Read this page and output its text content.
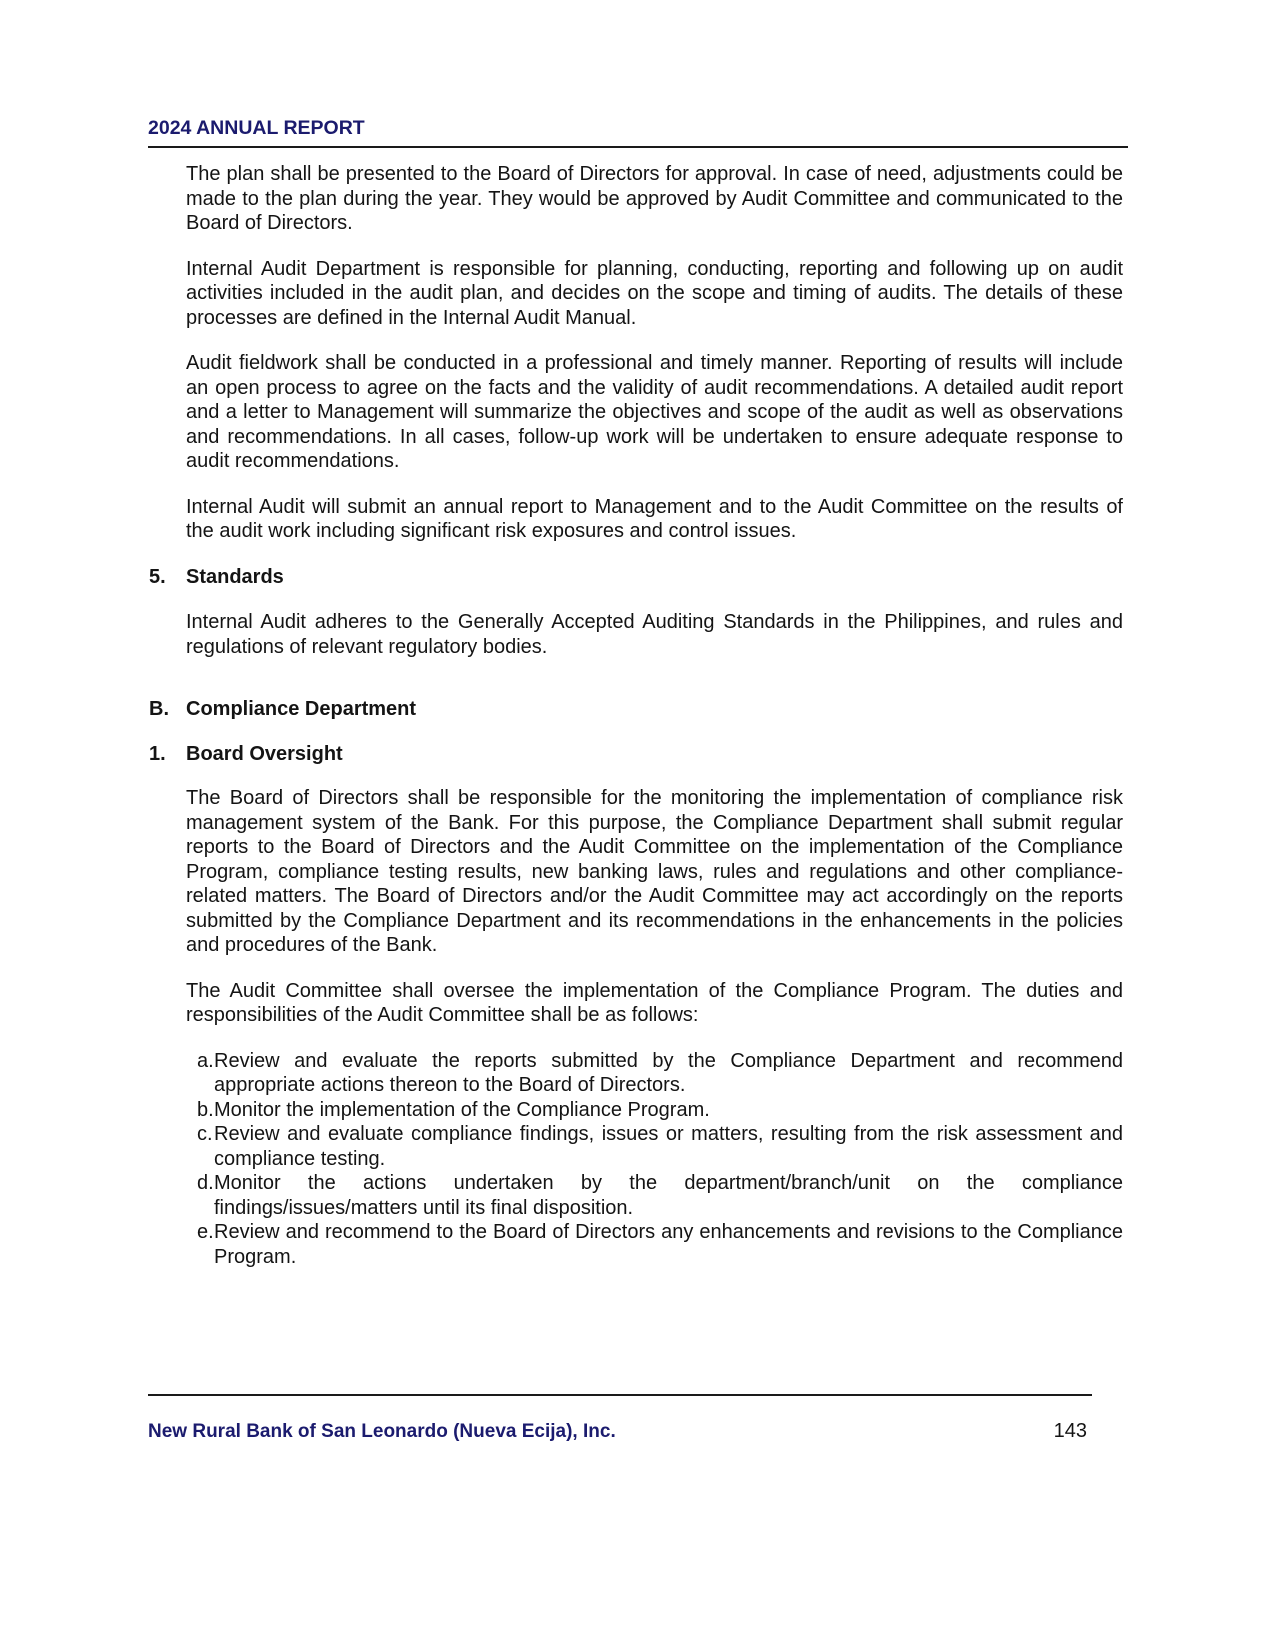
2024 ANNUAL REPORT

The plan shall be presented to the Board of Directors for approval. In case of need, adjustments could be made to the plan during the year. They would be approved by Audit Committee and communicated to the Board of Directors.

Internal Audit Department is responsible for planning, conducting, reporting and following up on audit activities included in the audit plan, and decides on the scope and timing of audits. The details of these processes are defined in the Internal Audit Manual.

Audit fieldwork shall be conducted in a professional and timely manner. Reporting of results will include an open process to agree on the facts and the validity of audit recommendations. A detailed audit report and a letter to Management will summarize the objectives and scope of the audit as well as observations and recommendations. In all cases, follow-up work will be undertaken to ensure adequate response to audit recommendations.

Internal Audit will submit an annual report to Management and to the Audit Committee on the results of the audit work including significant risk exposures and control issues.

5. Standards

Internal Audit adheres to the Generally Accepted Auditing Standards in the Philippines, and rules and regulations of relevant regulatory bodies.

B. Compliance Department
1. Board Oversight

The Board of Directors shall be responsible for the monitoring the implementation of compliance risk management system of the Bank. For this purpose, the Compliance Department shall submit regular reports to the Board of Directors and the Audit Committee on the implementation of the Compliance Program, compliance testing results, new banking laws, rules and regulations and other compliance-related matters. The Board of Directors and/or the Audit Committee may act accordingly on the reports submitted by the Compliance Department and its recommendations in the enhancements in the policies and procedures of the Bank.

The Audit Committee shall oversee the implementation of the Compliance Program. The duties and responsibilities of the Audit Committee shall be as follows:

a. Review and evaluate the reports submitted by the Compliance Department and recommend appropriate actions thereon to the Board of Directors.
b. Monitor the implementation of the Compliance Program.
c. Review and evaluate compliance findings, issues or matters, resulting from the risk assessment and compliance testing.
d. Monitor the actions undertaken by the department/branch/unit on the compliance findings/issues/matters until its final disposition.
e. Review and recommend to the Board of Directors any enhancements and revisions to the Compliance Program.
New Rural Bank of San Leonardo (Nueva Ecija), Inc.	143
